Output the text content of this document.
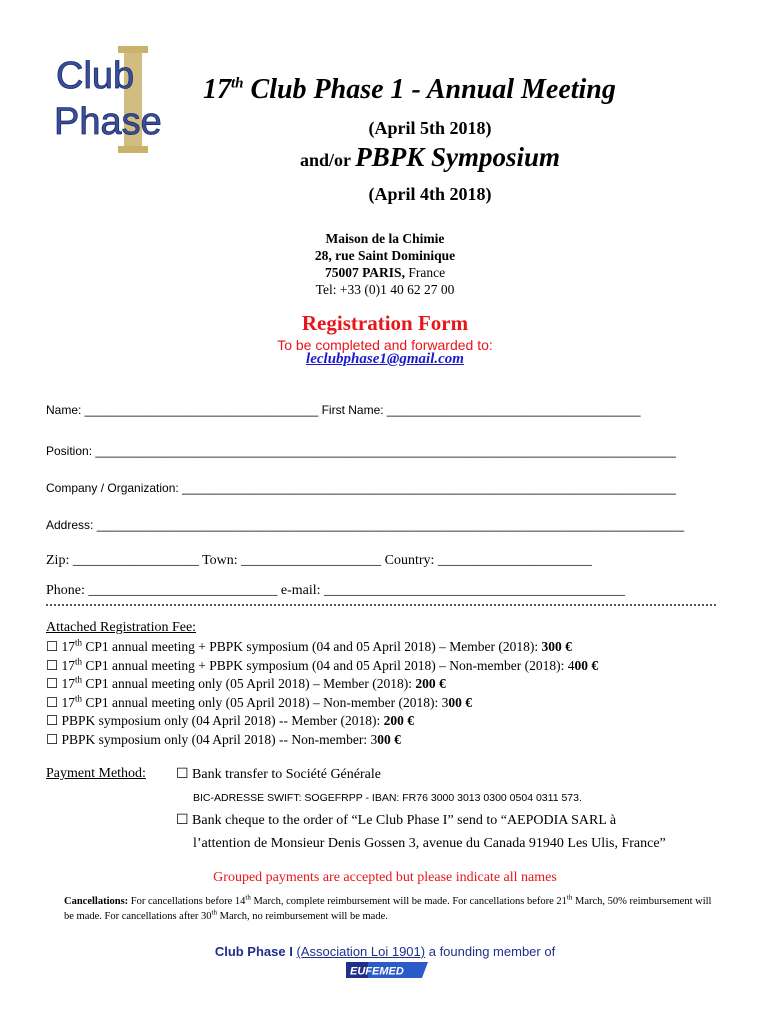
Club
Phase
17th Club Phase 1 - Annual Meeting
(April 5th 2018)
and/or PBPK Symposium
(April 4th 2018)
Maison de la Chimie
28, rue Saint Dominique
75007 PARIS, France
Tel: +33 (0)1 40 62 27 00
Registration Form
To be completed and forwarded to:
leclubphase1@gmail.com
Name: ___________________________________ First Name: ______________________________________
Position: _______________________________________________________________________________________
Company / Organization: __________________________________________________________________________
Address: ________________________________________________________________________________________
Zip: __________________ Town: ____________________ Country: ______________________
Phone: ___________________________ e-mail: ___________________________________________
Attached Registration Fee:
☐ 17th CP1 annual meeting + PBPK symposium (04 and 05 April 2018) – Member (2018): 300 €
☐ 17th CP1 annual meeting + PBPK symposium (04 and 05 April 2018) – Non-member (2018): 400 €
☐ 17th CP1 annual meeting only (05 April 2018) – Member (2018): 200 €
☐ 17th CP1 annual meeting only (05 April 2018) – Non-member (2018): 300 €
☐ PBPK symposium only (04 April 2018) -- Member (2018): 200 €
☐ PBPK symposium only (04 April 2018) -- Non-member: 300 €
Payment Method: ☐ Bank transfer to Société Générale
BIC-ADRESSE SWIFT: SOGEFRPP - IBAN: FR76 3000 3013 0300 0504 0311 573.
☐ Bank cheque to the order of “Le Club Phase I” send to “AEPODIA SARL à
l’attention de Monsieur Denis Gossen 3, avenue du Canada 91940 Les Ulis, France”
Grouped payments are accepted but please indicate all names
Cancellations: For cancellations before 14th March, complete reimbursement will be made. For cancellations before 21th March, 50% reimbursement will be made. For cancellations after 30th March, no reimbursement will be made.
Club Phase I (Association Loi 1901) a founding member of
EUFEMED
